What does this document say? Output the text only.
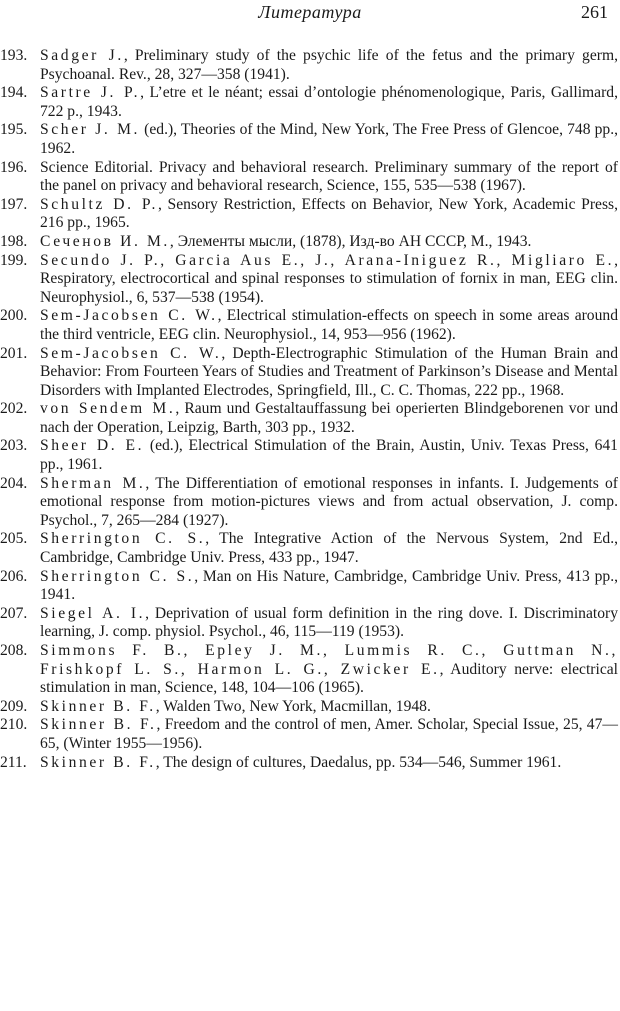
Литература	261
193. Sadger J., Preliminary study of the psychic life of the fetus and the primary germ, Psychoanal. Rev., 28, 327—358 (1941).
194. Sartre J. P., L’etre et le néant; essai d’ontologie phénomenologique, Paris, Gallimard, 722 p., 1943.
195. Scher J. M. (ed.), Theories of the Mind, New York, The Free Press of Glencoe, 748 pp., 1962.
196. Science Editorial. Privacy and behavioral research. Preliminary summary of the report of the panel on privacy and behavioral research, Science, 155, 535—538 (1967).
197. Schultz D. P., Sensory Restriction, Effects on Behavior, New York, Academic Press, 216 pp., 1965.
198. Сеченов И. М., Элементы мысли, (1878), Изд-во АН СССР, М., 1943.
199. Secundo J. P., Garcia Aus E., J., Arana-Iniguez R., Migliaro E., Respiratory, electrocortical and spinal responses to stimulation of fornix in man, EEG clin. Neurophysiol., 6, 537—538 (1954).
200. Sem-Jacobsen C. W., Electrical stimulation-effects on speech in some areas around the third ventricle, EEG clin. Neurophysiol., 14, 953—956 (1962).
201. Sem-Jacobsen C. W., Depth-Electrographic Stimulation of the Human Brain and Behavior: From Fourteen Years of Studies and Treatment of Parkinson’s Disease and Mental Disorders with Implanted Electrodes, Springfield, Ill., C. C. Thomas, 222 pp., 1968.
202. von Sendem M., Raum und Gestaltauffassung bei operierten Blindgeborenen vor und nach der Operation, Leipzig, Barth, 303 pp., 1932.
203. Sheer D. E. (ed.), Electrical Stimulation of the Brain, Austin, Univ. Texas Press, 641 pp., 1961.
204. Sherman M., The Differentiation of emotional responses in infants. I. Judgements of emotional response from motion-pictures views and from actual observation, J. comp. Psychol., 7, 265—284 (1927).
205. Sherrington C. S., The Integrative Action of the Nervous System, 2nd Ed., Cambridge, Cambridge Univ. Press, 433 pp., 1947.
206. Sherrington C. S., Man on His Nature, Cambridge, Cambridge Univ. Press, 413 pp., 1941.
207. Siegel A. I., Deprivation of usual form definition in the ring dove. I. Discriminatory learning, J. comp. physiol. Psychol., 46, 115—119 (1953).
208. Simmons F. B., Epley J. M., Lummis R. C., Guttman N., Frishkopf L. S., Harmon L. G., Zwicker E., Auditory nerve: electrical stimulation in man, Science, 148, 104—106 (1965).
209. Skinner B. F., Walden Two, New York, Macmillan, 1948.
210. Skinner B. F., Freedom and the control of men, Amer. Scholar, Special Issue, 25, 47—65, (Winter 1955—1956).
211. Skinner B. F., The design of cultures, Daedalus, pp. 534—546, Summer 1961.
